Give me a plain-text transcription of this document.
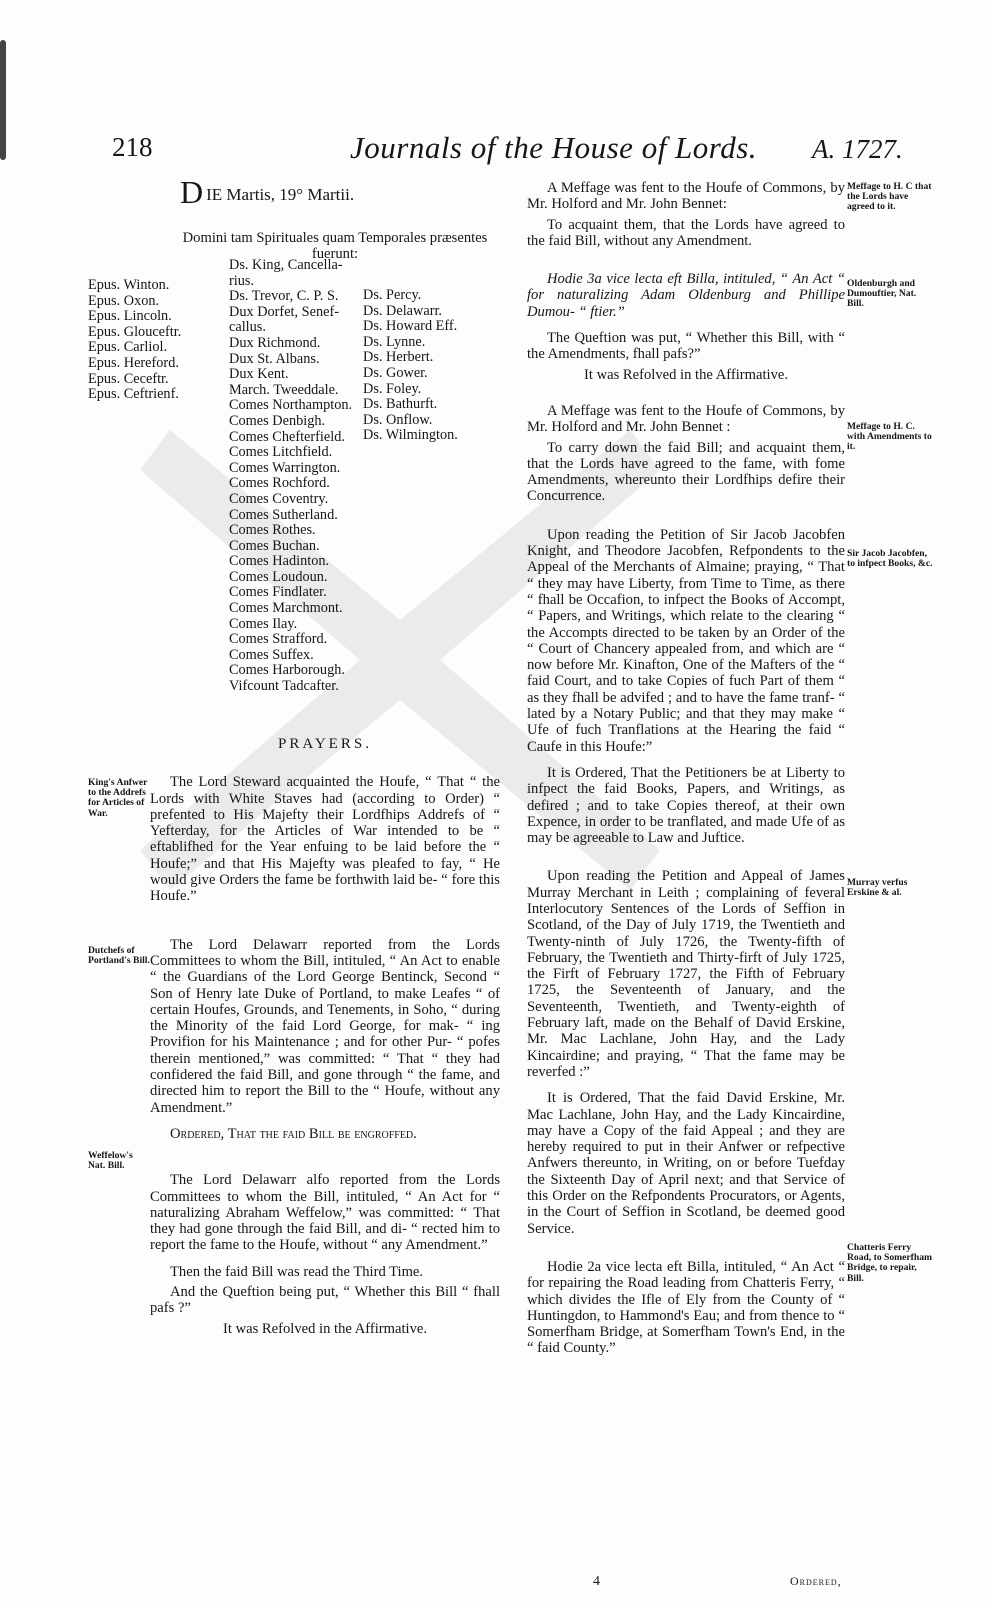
218	Journals of the House of Lords. A. 1727.
DIE Martis, 19° Martii.

Domini tam Spirituales quam Temporales præsentes fuerunt:

Epus. Winton.
Epus. Oxon.
Epus. Lincoln.
Epus. Glouceftr.
Epus. Carliol.
Epus. Hereford.
Epus. Ceceftr.
Epus. Ceftrienf.
Ds. King, Cancella-
rius.
Ds. Trevor, C. P. S.
Dux Dorfet, Senef-
callus.
Dux Richmond.
Dux St. Albans.
Dux Kent.
March. Tweeddale.
Comes Northampton.
Comes Denbigh.
Comes Chefterfield.
Comes Litchfield.
Comes Warrington.
Comes Rochford.
Comes Coventry.
Comes Sutherland.
Comes Rothes.
Comes Buchan.
Comes Hadinton.
Comes Loudoun.
Comes Findlater.
Comes Marchmont.
Comes Ilay.
Comes Strafford.
Comes Suffex.
Comes Harborough.
Vifcount Tadcafter.
Ds. Percy.
Ds. Delawarr.
Ds. Howard Eff.
Ds. Lynne.
Ds. Herbert.
Ds. Gower.
Ds. Foley.
Ds. Bathurft.
Ds. Onflow.
Ds. Wilmington.

PRAYERS.

The Lord Steward acquainted the Houfe, “ That “ the Lords with White Staves had (according to Order) “ prefented to His Majefty their Lordfhips Addrefs of “ Yefterday, for the Articles of War intended to be “ eftablifhed for the Year enfuing to be laid before the “ Houfe;” and that His Majefty was pleafed to fay, “ He would give Orders the fame be forthwith laid be- “ fore this Houfe.”

The Lord Delawarr reported from the Lords Committees to whom the Bill, intituled, “ An Act to enable “ the Guardians of the Lord George Bentinck, Second “ Son of Henry late Duke of Portland, to make Leafes “ of certain Houfes, Grounds, and Tenements, in Soho, “ during the Minority of the faid Lord George, for mak- “ ing Provifion for his Maintenance ; and for other Pur- “ pofes therein mentioned,” was committed: “ That “ they had confidered the faid Bill, and gone through “ the fame, and directed him to report the Bill to the “ Houfe, without any Amendment.”

Ordered, That the faid Bill be engroffed.

The Lord Delawarr alfo reported from the Lords Committees to whom the Bill, intituled, “ An Act for “ naturalizing Abraham Weffelow,” was committed: “ That they had gone through the faid Bill, and di- “ rected him to report the fame to the Houfe, without “ any Amendment.”

Then the faid Bill was read the Third Time.

And the Queftion being put, “ Whether this Bill “ fhall pafs ?”

It was Refolved in the Affirmative.

A Meffage was fent to the Houfe of Commons, by Mr. Holford and Mr. John Bennet:

To acquaint them, that the Lords have agreed to the faid Bill, without any Amendment.

Hodie 3a vice lecta eft Billa, intituled, “ An Act “ for naturalizing Adam Oldenburg and Phillipe Dumou- “ ftier.”

The Queftion was put, “ Whether this Bill, with “ the Amendments, fhall pafs?”

It was Refolved in the Affirmative.

A Meffage was fent to the Houfe of Commons, by Mr. Holford and Mr. John Bennet :

To carry down the faid Bill; and acquaint them, that the Lords have agreed to the fame, with fome Amendments, whereunto their Lordfhips defire their Concurrence.

Upon reading the Petition of Sir Jacob Jacobfen Knight, and Theodore Jacobfen, Refpondents to the Appeal of the Merchants of Almaine; praying, “ That “ they may have Liberty, from Time to Time, as there “ fhall be Occafion, to infpect the Books of Accompt, “ Papers, and Writings, which relate to the clearing “ the Accompts directed to be taken by an Order of the “ Court of Chancery appealed from, and which are “ now before Mr. Kinafton, One of the Mafters of the “ faid Court, and to take Copies of fuch Part of them “ as they fhall be advifed ; and to have the fame tranf- “ lated by a Notary Public; and that they may make “ Ufe of fuch Tranflations at the Hearing the faid “ Caufe in this Houfe:”

It is Ordered, That the Petitioners be at Liberty to infpect the faid Books, Papers, and Writings, as defired ; and to take Copies thereof, at their own Expence, in order to be tranflated, and made Ufe of as may be agreeable to Law and Juftice.

Upon reading the Petition and Appeal of James Murray Merchant in Leith ; complaining of feveral Interlocutory Sentences of the Lords of Seffion in Scotland, of the Day of July 1719, the Twentieth and Twenty-ninth of July 1726, the Twenty-fifth of February, the Twentieth and Thirty-firft of July 1725, the Firft of February 1727, the Fifth of February 1725, the Seventeenth of January, and the Seventeenth, Twentieth, and Twenty-eighth of February laft, made on the Behalf of David Erskine, Mr. Mac Lachlane, John Hay, and the Lady Kincairdine; and praying, “ That the fame may be reverfed :”

It is Ordered, That the faid David Erskine, Mr. Mac Lachlane, John Hay, and the Lady Kincairdine, may have a Copy of the faid Appeal ; and they are hereby required to put in their Anfwer or refpective Anfwers thereunto, in Writing, on or before Tuefday the Sixteenth Day of April next; and that Service of this Order on the Refpondents Procurators, or Agents, in the Court of Seffion in Scotland, be deemed good Service.

Hodie 2a vice lecta eft Billa, intituled, “ An Act “ for repairing the Road leading from Chatteris Ferry, “ which divides the Ifle of Ely from the County of “ Huntingdon, to Hammond's Eau; and from thence to “ Somerfham Bridge, at Somerfham Town's End, in the “ faid County.”

King's Anfwer to the Addrefs for Articles of War.
Dutchefs of Portland's Bill.
Weffelow's Nat. Bill.
Meffage to H. C that the Lords have agreed to it.
Oldenburgh and Dumouftier, Nat. Bill.
Meffage to H. C. with Amendments to it.
Sir Jacob Jacobfen, to infpect Books, &c.
Murray verfus Erskine & al.
Chatteris Ferry Road, to Somerfham Bridge, to repair, Bill.
4	Ordered,
